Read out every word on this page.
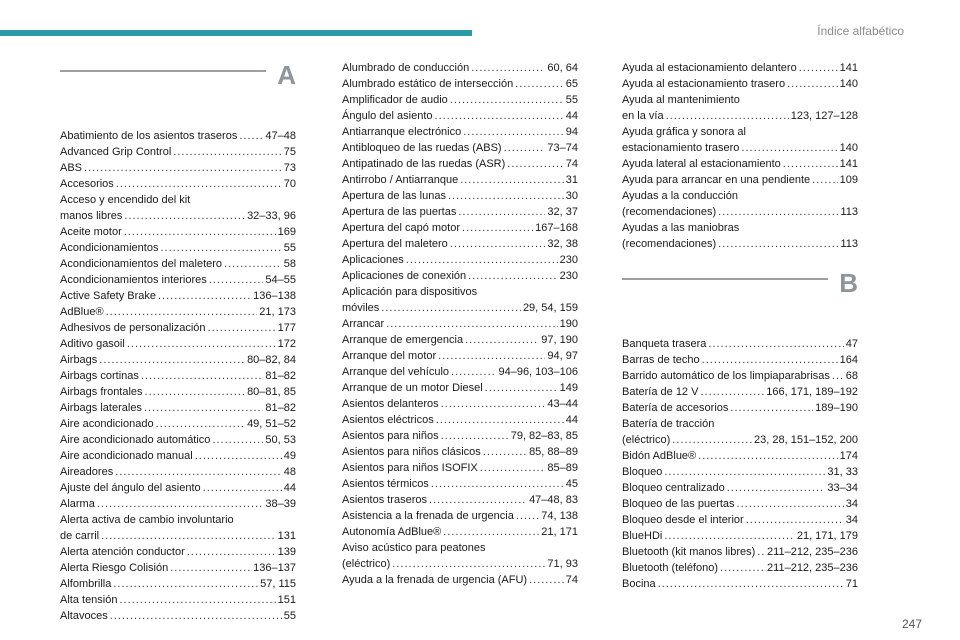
Índice alfabético
A
Abatimiento de los asientos traseros .....	47–48
Advanced Grip Control .....	75
ABS .....	73
Accesorios .....	70
Acceso y encendido del kit
manos libres .....	32–33, 96
Aceite motor .....	169
Acondicionamientos .....	55
Acondicionamientos del maletero .....	58
Acondicionamientos interiores .....	54–55
Active Safety Brake .....	136–138
AdBlue® .....	21, 173
Adhesivos de personalización .....	177
Aditivo gasoil .....	172
Airbags .....	80–82, 84
Airbags cortinas .....	81–82
Airbags frontales .....	80–81, 85
Airbags laterales .....	81–82
Aire acondicionado .....	49, 51–52
Aire acondicionado automático .....	50, 53
Aire acondicionado manual .....	49
Aireadores .....	48
Ajuste del ángulo del asiento .....	44
Alarma .....	38–39
Alerta activa de cambio involuntario
de carril .....	131
Alerta atención conductor .....	139
Alerta Riesgo Colisión .....	136–137
Alfombrilla .....	57, 115
Alta tensión .....	151
Altavoces .....	55
Alumbrado de conducción .....	60, 64
Alumbrado estático de intersección .....	65
Amplificador de audio .....	55
Ángulo del asiento .....	44
Antiarranque electrónico .....	94
Antibloqueo de las ruedas (ABS) .....	73–74
Antipatinado de las ruedas (ASR) .....	74
Antirrobo / Antiarranque .....	31
Apertura de las lunas .....	30
Apertura de las puertas .....	32, 37
Apertura del capó motor .....	167–168
Apertura del maletero .....	32, 38
Aplicaciones .....	230
Aplicaciones de conexión .....	230
Aplicación para dispositivos
móviles .....	29, 54, 159
Arrancar .....	190
Arranque de emergencia .....	97, 190
Arranque del motor .....	94, 97
Arranque del vehículo .....	94–96, 103–106
Arranque de un motor Diesel .....	149
Asientos delanteros .....	43–44
Asientos eléctricos .....	44
Asientos para niños .....	79, 82–83, 85
Asientos para niños clásicos .....	85, 88–89
Asientos para niños ISOFIX .....	85–89
Asientos térmicos .....	45
Asientos traseros .....	47–48, 83
Asistencia a la frenada de urgencia ..... 74, 138
Autonomía AdBlue® .....	21, 171
Aviso acústico para peatones
(eléctrico) .....	71, 93
Ayuda a la frenada de urgencia (AFU) .....	74
Ayuda al estacionamiento delantero .....	141
Ayuda al estacionamiento trasero .....	140
Ayuda al mantenimiento
en la vía .....	123, 127–128
Ayuda gráfica y sonora al
estacionamiento trasero .....	140
Ayuda lateral al estacionamiento .....	141
Ayuda para arrancar en una pendiente .....	109
Ayudas a la conducción
(recomendaciones) .....	113
Ayudas a las maniobras
(recomendaciones) .....	113
B
Banqueta trasera .....	47
Barras de techo .....	164
Barrido automático de los limpiaparabrisas ..... 68
Batería de 12 V .....	166, 171, 189–192
Batería de accesorios .....	189–190
Batería de tracción
(eléctrico) .....	23, 28, 151–152, 200
Bidón AdBlue® .....	174
Bloqueo .....	31, 33
Bloqueo centralizado .....	33–34
Bloqueo de las puertas .....	34
Bloqueo desde el interior .....	34
BlueHDi .....	21, 171, 179
Bluetooth (kit manos libres) ..... 211–212, 235–236
Bluetooth (teléfono) .....	211–212, 235–236
Bocina .....	71
247
